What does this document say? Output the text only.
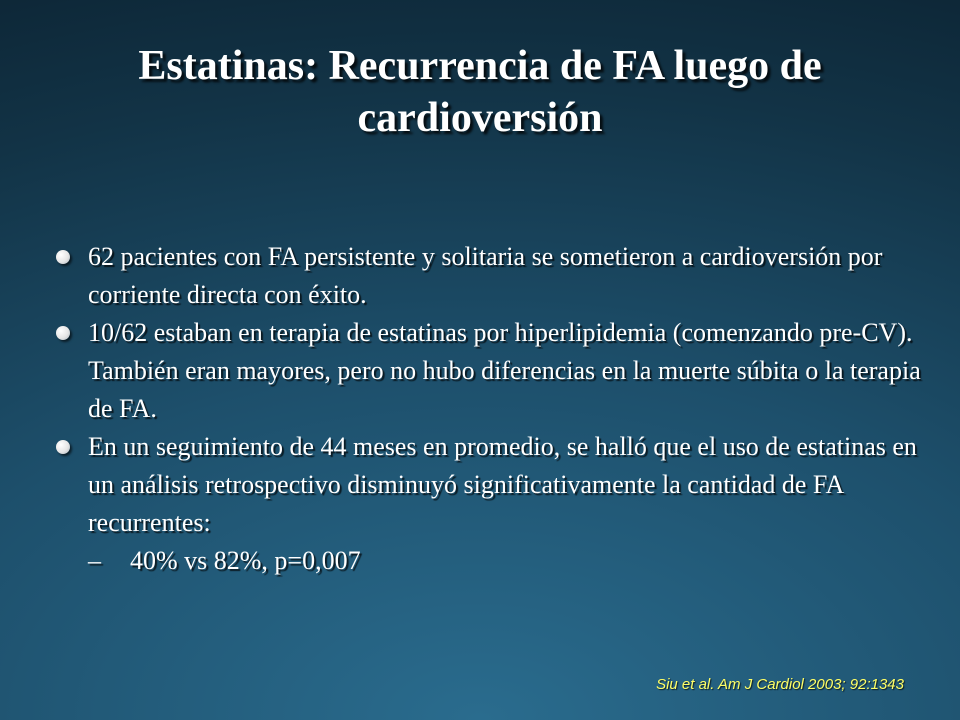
Estatinas: Recurrencia de FA luego de cardioversión
62 pacientes con FA persistente y solitaria se sometieron a cardioversión por corriente directa con éxito.
10/62 estaban en terapia de estatinas por hiperlipidemia (comenzando pre-CV). También eran mayores, pero no hubo diferencias en la muerte súbita o la terapia de FA.
En un seguimiento de 44 meses en promedio, se halló que el uso de estatinas en un análisis retrospectivo disminuyó significativamente la cantidad de FA recurrentes:
– 40% vs 82%, p=0,007
Siu et al. Am J Cardiol 2003; 92:1343
